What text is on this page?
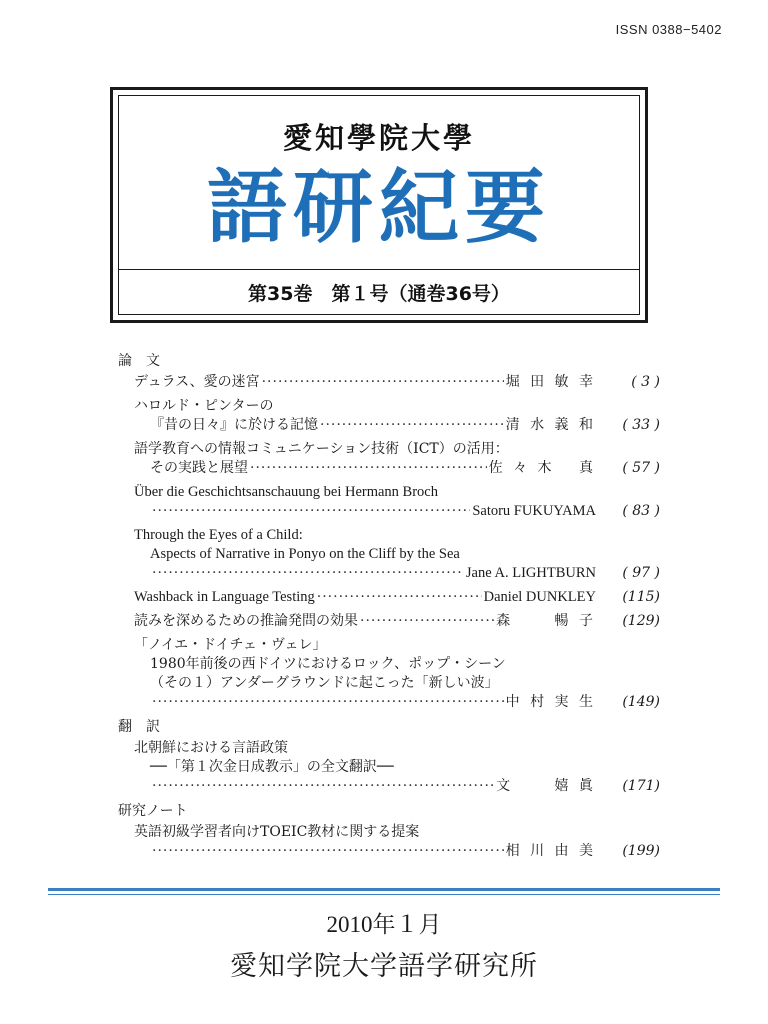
ISSN 0388−5402
愛知學院大學
語研紀要
第35巻　第１号（通巻36号）
論　文
デュラス、愛の迷宮 ·····	堀 田 敏 幸	( 3 )
ハロルド・ピンターの
『昔の日々』に於ける記憶 ·····	清 水 義 和	( 33 )
語学教育への情報コミュニケーション技術（ICT）の活用：
その実践と展望 ·····	佐 々 木　 真	( 57 )
Über die Geschichtsanschauung bei Hermann Broch
·····
Satoru FUKUYAMA	( 83 )
Through the Eyes of a Child:
Aspects of Narrative in Ponyo on the Cliff by the Sea
·····
Jane A. LIGHTBURN	( 97 )
Washback in Language Testing ·····	Daniel DUNKLEY	(115)
読みを深めるための推論発問の効果 ·····	森　　 暢 子	(129)
「ノイエ・ドイチェ・ヴェレ」
1980年前後の西ドイツにおけるロック、ポップ・シーン
（その１）アンダーグラウンドに起こった「新しい波」
·····
中 村 実 生	(149)
翻　訳
北朝鮮における言語政策
──「第１次金日成教示」の全文翻訳──
·····
文　　 嬉 眞	(171)
研究ノート
英語初級学習者向けTOEIC教材に関する提案
·····
相 川 由 美	(199)
2010年１月
愛知学院大学語学研究所
